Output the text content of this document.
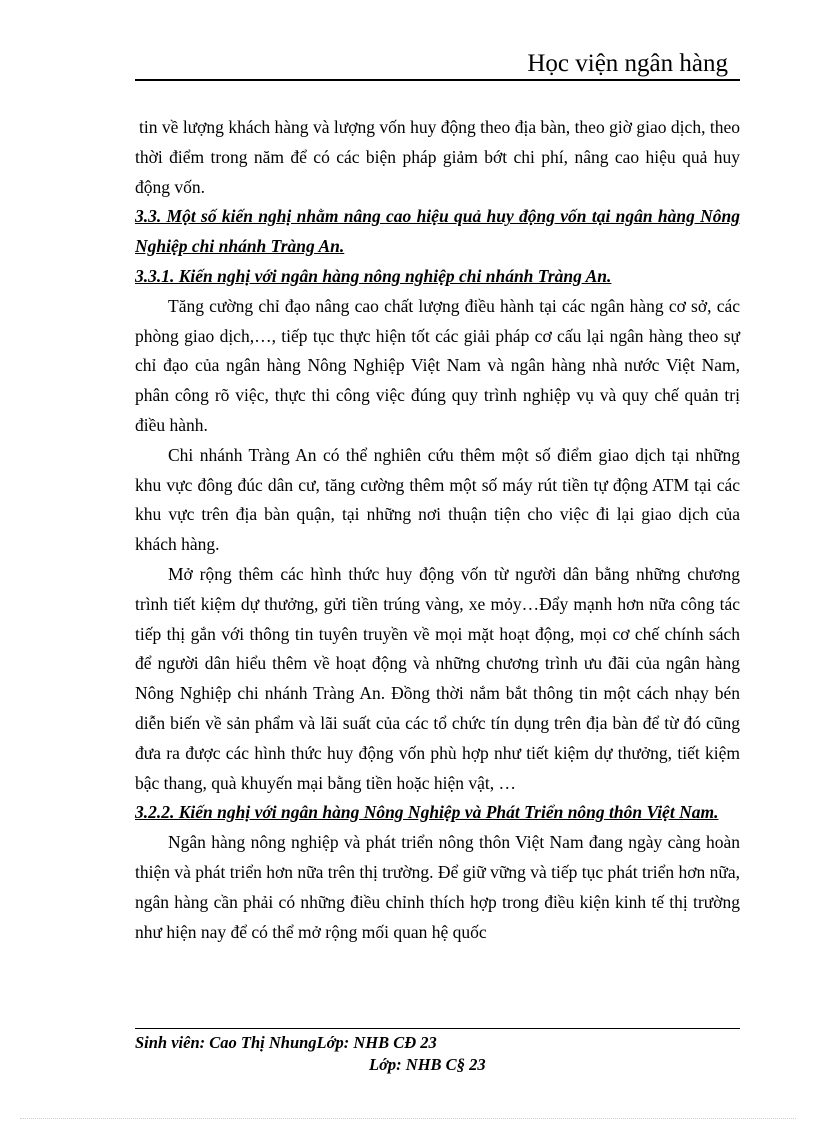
Học viện ngân hàng

tin về lượng khách hàng và lượng vốn huy động theo địa bàn, theo giờ giao dịch, theo thời điểm trong năm để có các biện pháp giảm bớt chi phí, nâng cao hiệu quả huy động vốn.

3.3. Một số kiến nghị nhằm nâng cao hiệu quả huy động vốn tại ngân hàng Nông Nghiệp chi nhánh Tràng An.
3.3.1. Kiến nghị với ngân hàng nông nghiệp chi nhánh Tràng An.

Tăng cường chỉ đạo nâng cao chất lượng điều hành tại các ngân hàng cơ sở, các phòng giao dịch,…, tiếp tục thực hiện tốt các giải pháp cơ cấu lại ngân hàng theo sự chỉ đạo của ngân hàng Nông Nghiệp Việt Nam và ngân hàng nhà nước Việt Nam, phân công rõ việc, thực thi công việc đúng quy trình nghiệp vụ và quy chế quản trị điều hành.

Chi nhánh Tràng An có thể nghiên cứu thêm một số điểm giao dịch tại những khu vực đông đúc dân cư, tăng cường thêm một số máy rút tiền tự động ATM tại các khu vực trên địa bàn quận, tại những nơi thuận tiện cho việc đi lại giao dịch của khách hàng.

Mở rộng thêm các hình thức huy động vốn từ người dân bằng những chương trình tiết kiệm dự thưởng, gửi tiền trúng vàng, xe mỏy…Đẩy mạnh hơn nữa công tác tiếp thị gắn với thông tin tuyên truyền về mọi mặt hoạt động, mọi cơ chế chính sách để người dân hiểu thêm về hoạt động và những chương trình ưu đãi của ngân hàng Nông Nghiệp chi nhánh Tràng An. Đồng thời nắm bắt thông tin một cách nhạy bén diễn biến về sản phẩm và lãi suất của các tổ chức tín dụng trên địa bàn để từ đó cũng đưa ra được các hình thức huy động vốn phù hợp như tiết kiệm dự thưởng, tiết kiệm bậc thang, quà khuyến mại bằng tiền hoặc hiện vật, …

3.2.2. Kiến nghị với ngân hàng Nông Nghiệp và Phát Triển nông thôn Việt Nam.

Ngân hàng nông nghiệp và phát triển nông thôn Việt Nam đang ngày càng hoàn thiện và phát triển hơn nữa trên thị trường. Để giữ vững và tiếp tục phát triển hơn nữa, ngân hàng cần phải có những điều chỉnh thích hợp trong điều kiện kinh tế thị trường như hiện nay để có thể mở rộng mối quan hệ quốc

Sinh viên: Cao Thị NhungLớp: NHB CĐ 23
Lớp: NHB C§ 23
